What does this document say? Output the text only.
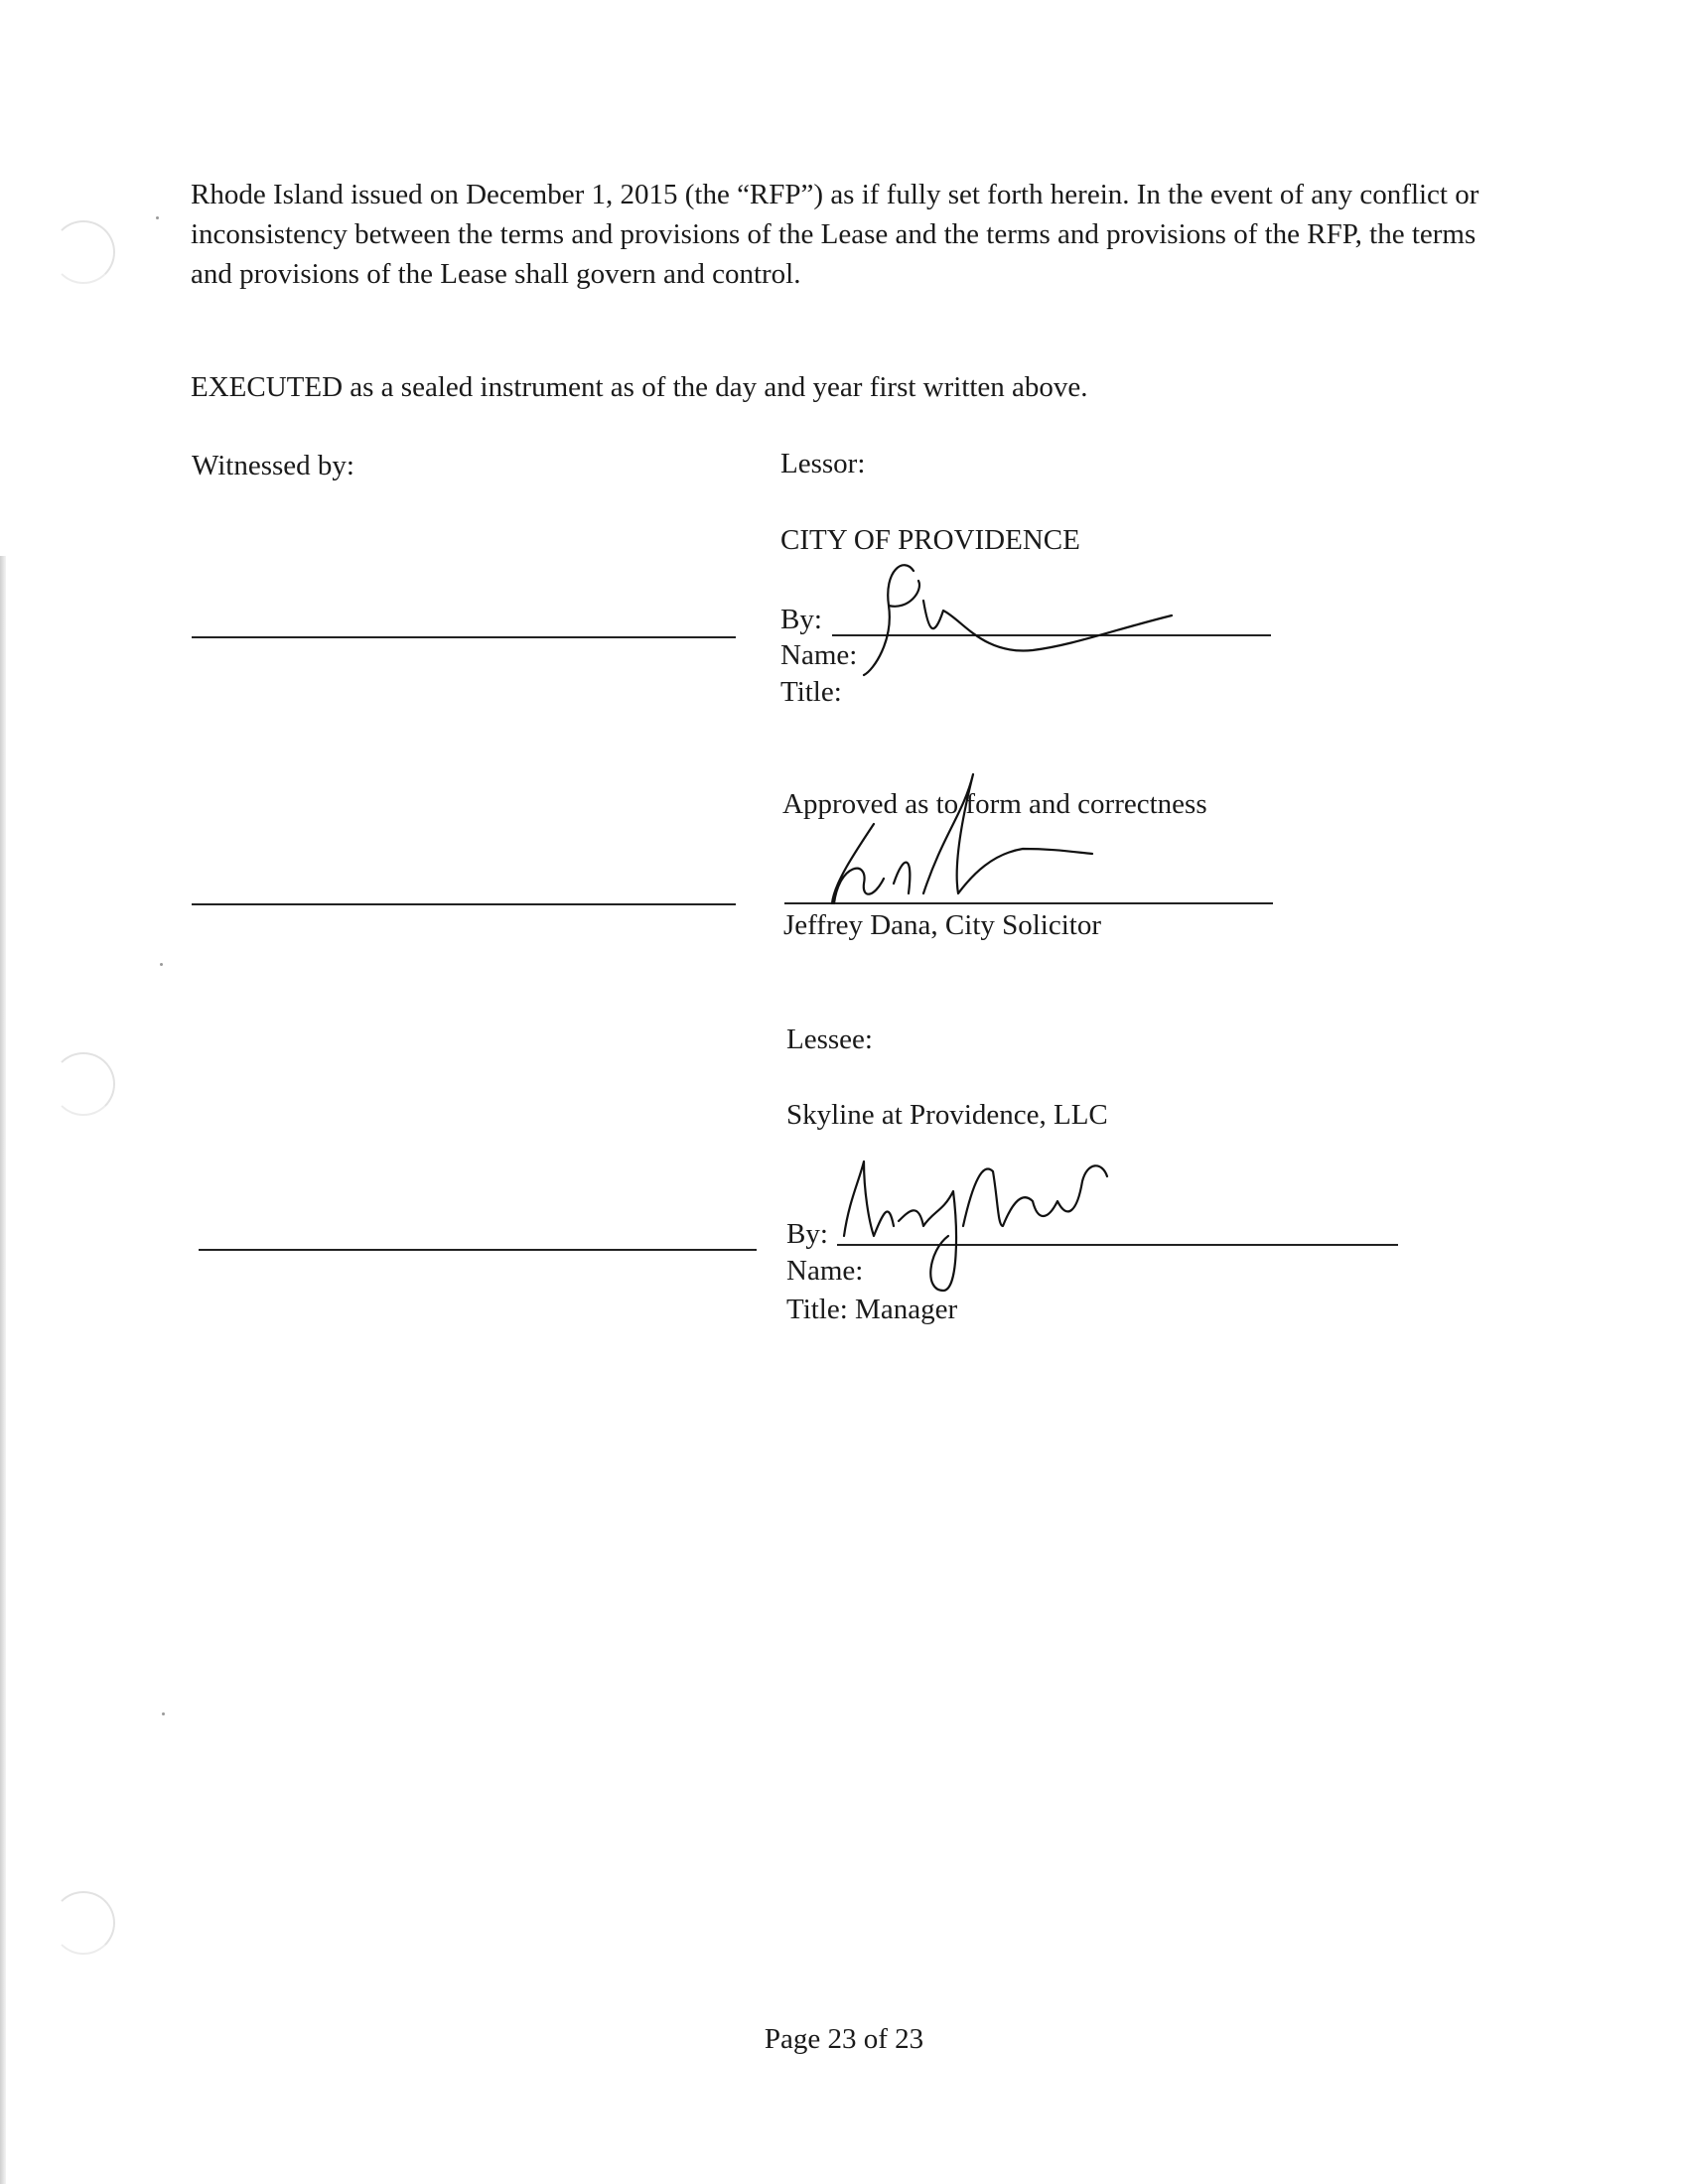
Rhode Island issued on December 1, 2015 (the “RFP”) as if fully set forth herein. In the event of any conflict or inconsistency between the terms and provisions of the Lease and the terms and provisions of the RFP, the terms and provisions of the Lease shall govern and control.

EXECUTED as a sealed instrument as of the day and year first written above.
Witnessed by:	Lessor:
CITY OF PROVIDENCE
By:
Name:
Title:
Approved as to form and correctness
Jeffrey Dana, City Solicitor
Lessee:
Skyline at Providence, LLC
By:
Name:
Title: Manager
Page 23 of 23
